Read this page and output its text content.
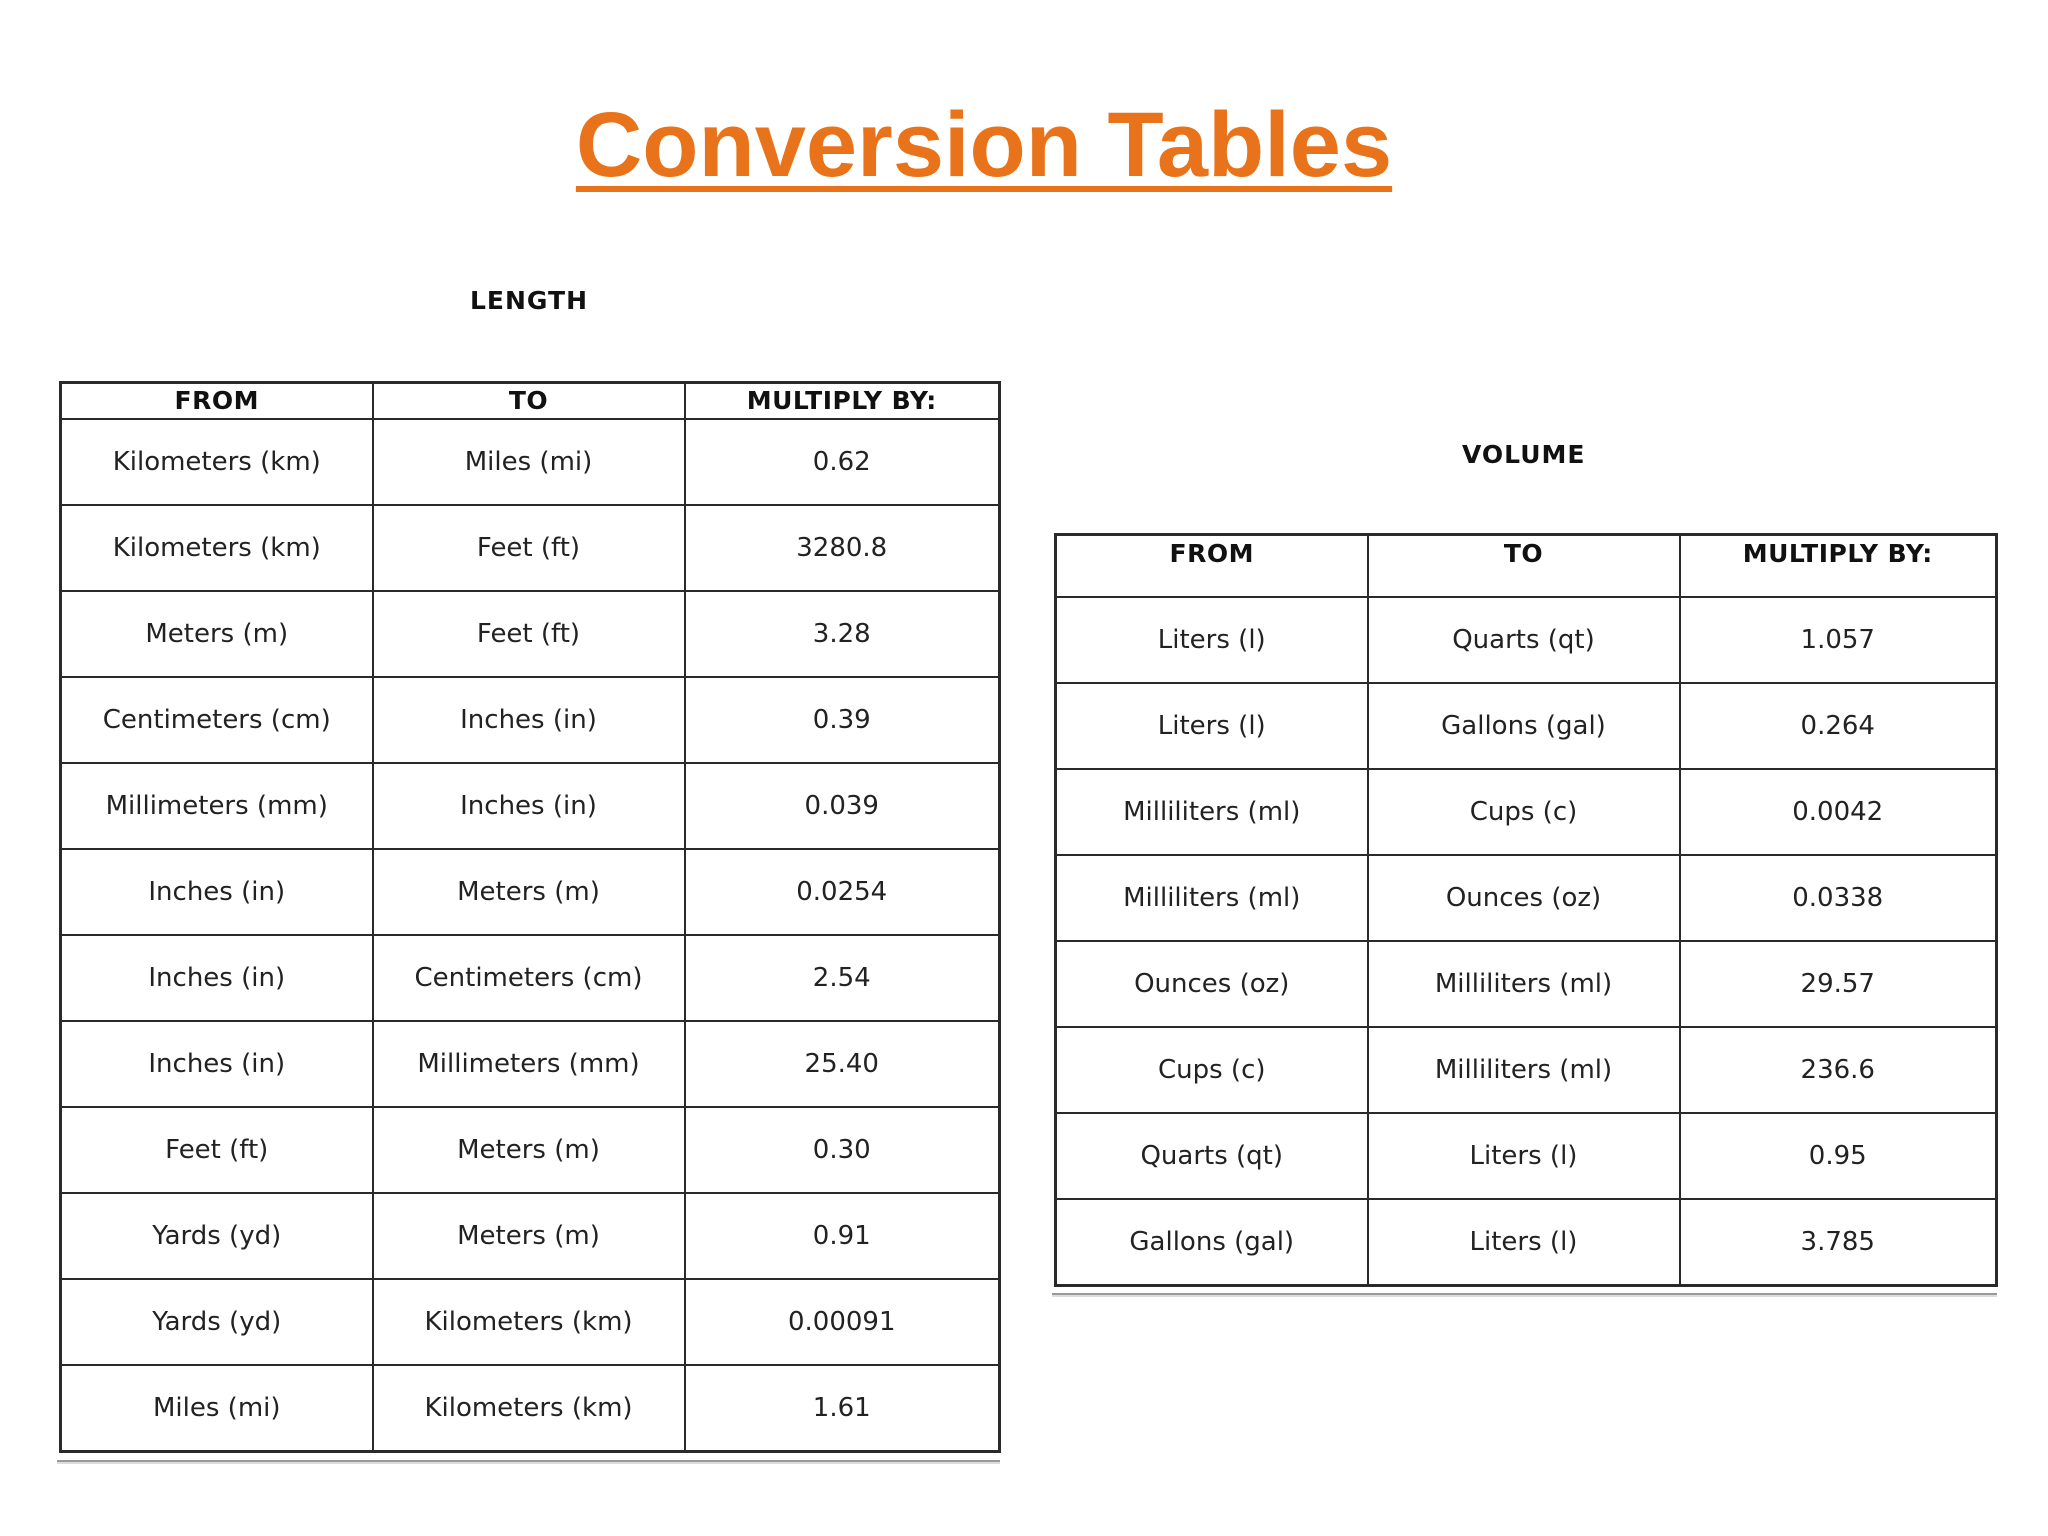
Conversion Tables
LENGTH
FROM	TO	MULTIPLY BY:
Kilometers (km)	Miles (mi)	0.62
Kilometers (km)	Feet (ft)	3280.8
Meters (m)	Feet (ft)	3.28
Centimeters (cm)	Inches (in)	0.39
Millimeters (mm)	Inches (in)	0.039
Inches (in)	Meters (m)	0.0254
Inches (in)	Centimeters (cm)	2.54
Inches (in)	Millimeters (mm)	25.40
Feet (ft)	Meters (m)	0.30
Yards (yd)	Meters (m)	0.91
Yards (yd)	Kilometers (km)	0.00091
Miles (mi)	Kilometers (km)	1.61
VOLUME
FROM	TO	MULTIPLY BY:
Liters (l)	Quarts (qt)	1.057
Liters (l)	Gallons (gal)	0.264
Milliliters (ml)	Cups (c)	0.0042
Milliliters (ml)	Ounces (oz)	0.0338
Ounces (oz)	Milliliters (ml)	29.57
Cups (c)	Milliliters (ml)	236.6
Quarts (qt)	Liters (l)	0.95
Gallons (gal)	Liters (l)	3.785
